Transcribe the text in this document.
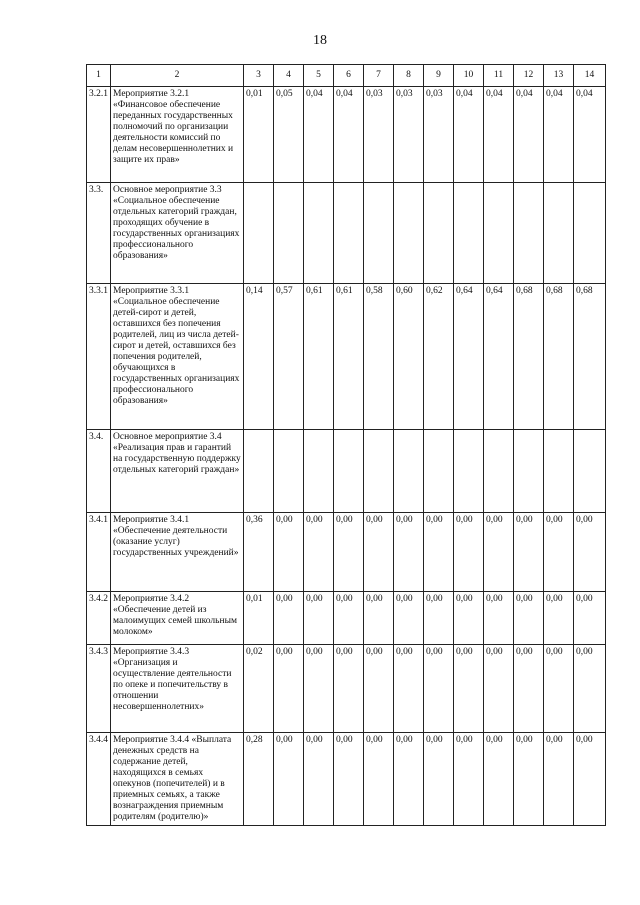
18
1	2	3	4	5	6	7	8	9	10	11	12	13	14
3.2.1	Мероприятие 3.2.1 «Финансовое обеспечение переданных государственных полномочий по организации деятельности комиссий по делам несовершеннолетних и защите их прав»	0,01	0,05	0,04	0,04	0,03	0,03	0,03	0,04	0,04	0,04	0,04	0,04
3.3.	Основное мероприятие 3.3 «Социальное обеспечение отдельных категорий граждан, проходящих обучение в государственных организациях профессионального образования»												
3.3.1	Мероприятие 3.3.1 «Социальное обеспечение детей-сирот и детей, оставшихся без попечения родителей, лиц из числа детей-сирот и детей, оставшихся без попечения родителей, обучающихся в государственных организациях профессионального образования»	0,14	0,57	0,61	0,61	0,58	0,60	0,62	0,64	0,64	0,68	0,68	0,68
3.4.	Основное мероприятие 3.4 «Реализация прав и гарантий на государственную поддержку отдельных категорий граждан»												
3.4.1	Мероприятие 3.4.1 «Обеспечение деятельности (оказание услуг) государственных учреждений»	0,36	0,00	0,00	0,00	0,00	0,00	0,00	0,00	0,00	0,00	0,00	0,00
3.4.2	Мероприятие 3.4.2 «Обеспечение детей из малоимущих семей школьным молоком»	0,01	0,00	0,00	0,00	0,00	0,00	0,00	0,00	0,00	0,00	0,00	0,00
3.4.3	Мероприятие 3.4.3 «Организация и осуществление деятельности по опеке и попечительству в отношении несовершеннолетних»	0,02	0,00	0,00	0,00	0,00	0,00	0,00	0,00	0,00	0,00	0,00	0,00
3.4.4	Мероприятие 3.4.4 «Выплата денежных средств на содержание детей, находящихся в семьях опекунов (попечителей) и в приемных семьях, а также вознаграждения приемным родителям (родителю)»	0,28	0,00	0,00	0,00	0,00	0,00	0,00	0,00	0,00	0,00	0,00	0,00
